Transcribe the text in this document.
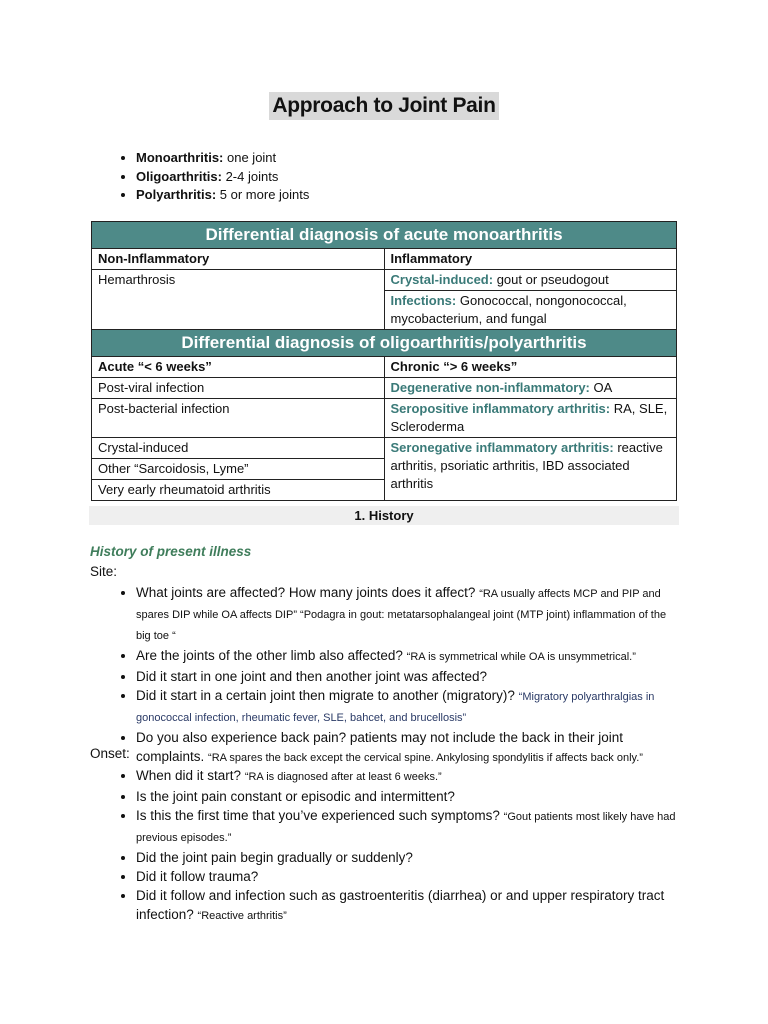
Approach to Joint Pain
• Monoarthritis: one joint
• Oligoarthritis: 2-4 joints
• Polyarthritis: 5 or more joints
Differential diagnosis of acute monoarthritis	
Non-Inflammatory	Inflammatory
Hemarthrosis	Crystal-induced: gout or pseudogout
	Infections: Gonococcal, nongonococcal, mycobacterium, and fungal
Differential diagnosis of oligoarthritis/polyarthritis	
Acute “< 6 weeks”	Chronic “> 6 weeks”
Post-viral infection	Degenerative non-inflammatory: OA
Post-bacterial infection	Seropositive inflammatory arthritis: RA, SLE, Scleroderma
Crystal-induced	Seronegative inflammatory arthritis: reactive arthritis, psoriatic arthritis, IBD associated arthritis
Other “Sarcoidosis, Lyme”	
Very early rheumatoid arthritis	
1. History
History of present illness
Site:
• What joints are affected? How many joints does it affect? “RA usually affects MCP and PIP and spares DIP while OA affects DIP” “Podagra in gout: metatarsophalangeal joint (MTP joint) inflammation of the big toe “
• Are the joints of the other limb also affected? “RA is symmetrical while OA is unsymmetrical.”
• Did it start in one joint and then another joint was affected?
• Did it start in a certain joint then migrate to another (migratory)? “Migratory polyarthralgias in gonococcal infection, rheumatic fever, SLE, bahcet, and brucellosis”
• Do you also experience back pain? patients may not include the back in their joint complaints. “RA spares the back except the cervical spine. Ankylosing spondylitis if affects back only.”
Onset:
• When did it start? “RA is diagnosed after at least 6 weeks.”
• Is the joint pain constant or episodic and intermittent?
• Is this the first time that you’ve experienced such symptoms? “Gout patients most likely have had previous episodes.”
• Did the joint pain begin gradually or suddenly?
• Did it follow trauma?
• Did it follow and infection such as gastroenteritis (diarrhea) or and upper respiratory tract infection? “Reactive arthritis”
